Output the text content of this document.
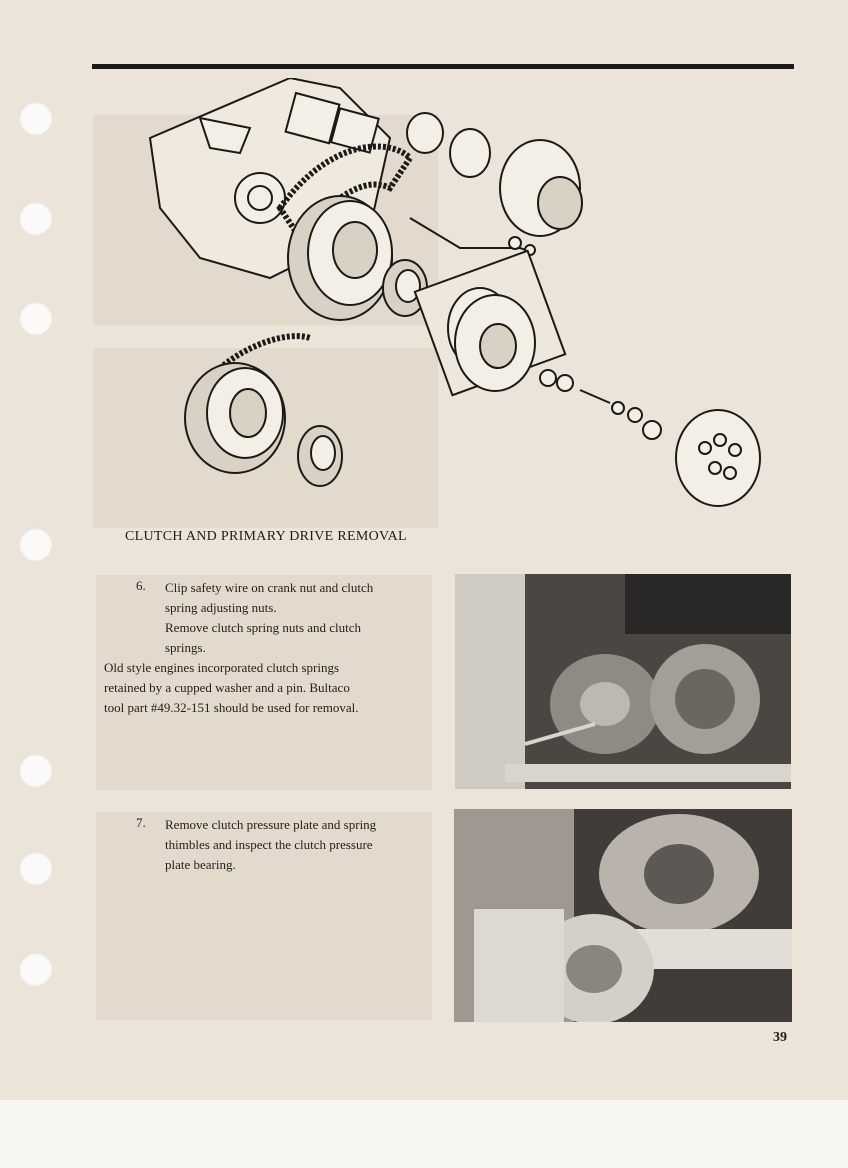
CLUTCH AND PRIMARY DRIVE REMOVAL
6. Clip safety wire on crank nut and clutch
spring adjusting nuts.
Remove clutch spring nuts and clutch
springs.
Old style engines incorporated clutch springs
retained by a cupped washer and a pin. Bultaco
tool part #49.32-151 should be used for removal.
7. Remove clutch pressure plate and spring
thimbles and inspect the clutch pressure
plate bearing.
39
